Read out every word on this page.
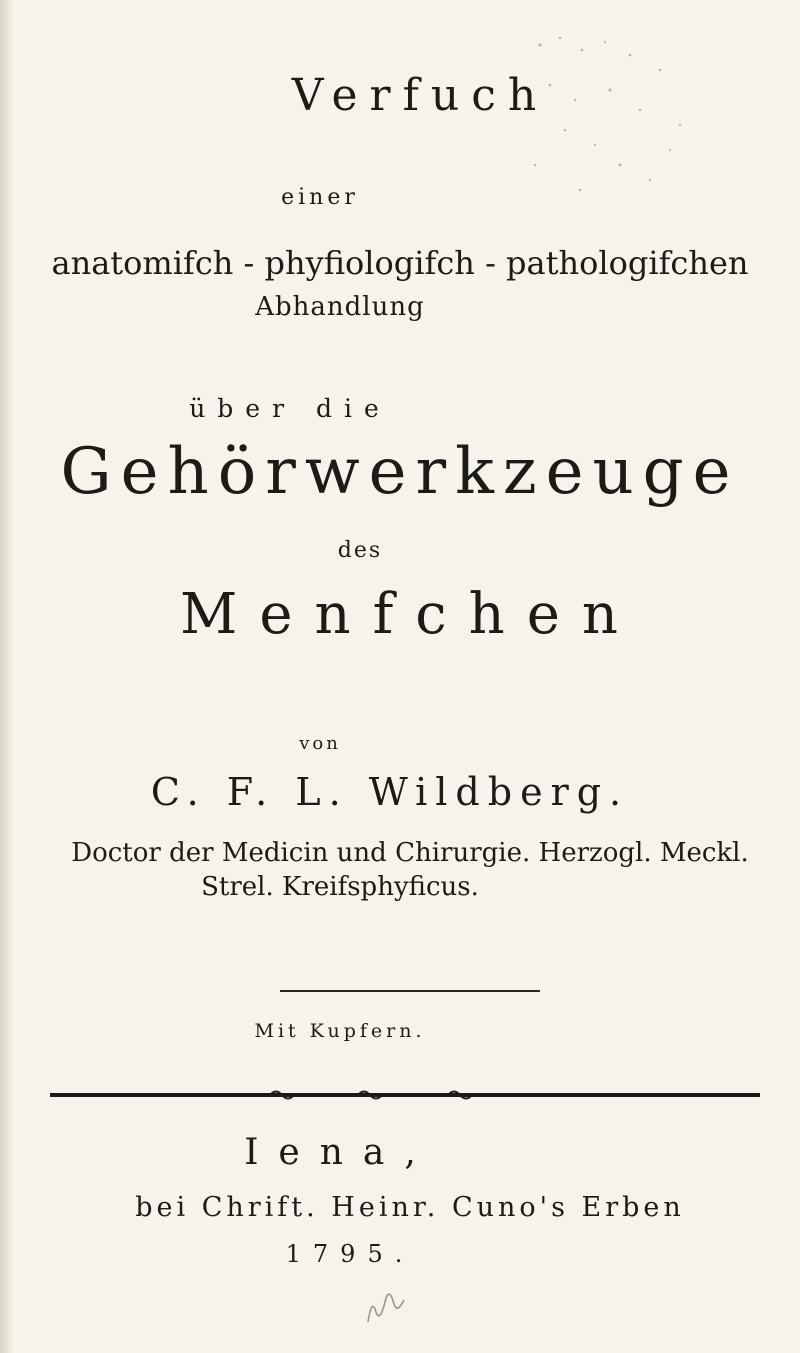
Verfuch
einer
anatomifch - phyfiologifch - pathologifchen
Abhandlung
über die
Gehörwerkzeuge
des
Menfchen
von
C. F. L. Wildberg.
Doctor der Medicin und Chirurgie. Herzogl. Meckl.
Strel. Kreifsphyficus.
Mit Kupfern.
Iena,
bei Chrift. Heinr. Cuno's Erben
1795.
